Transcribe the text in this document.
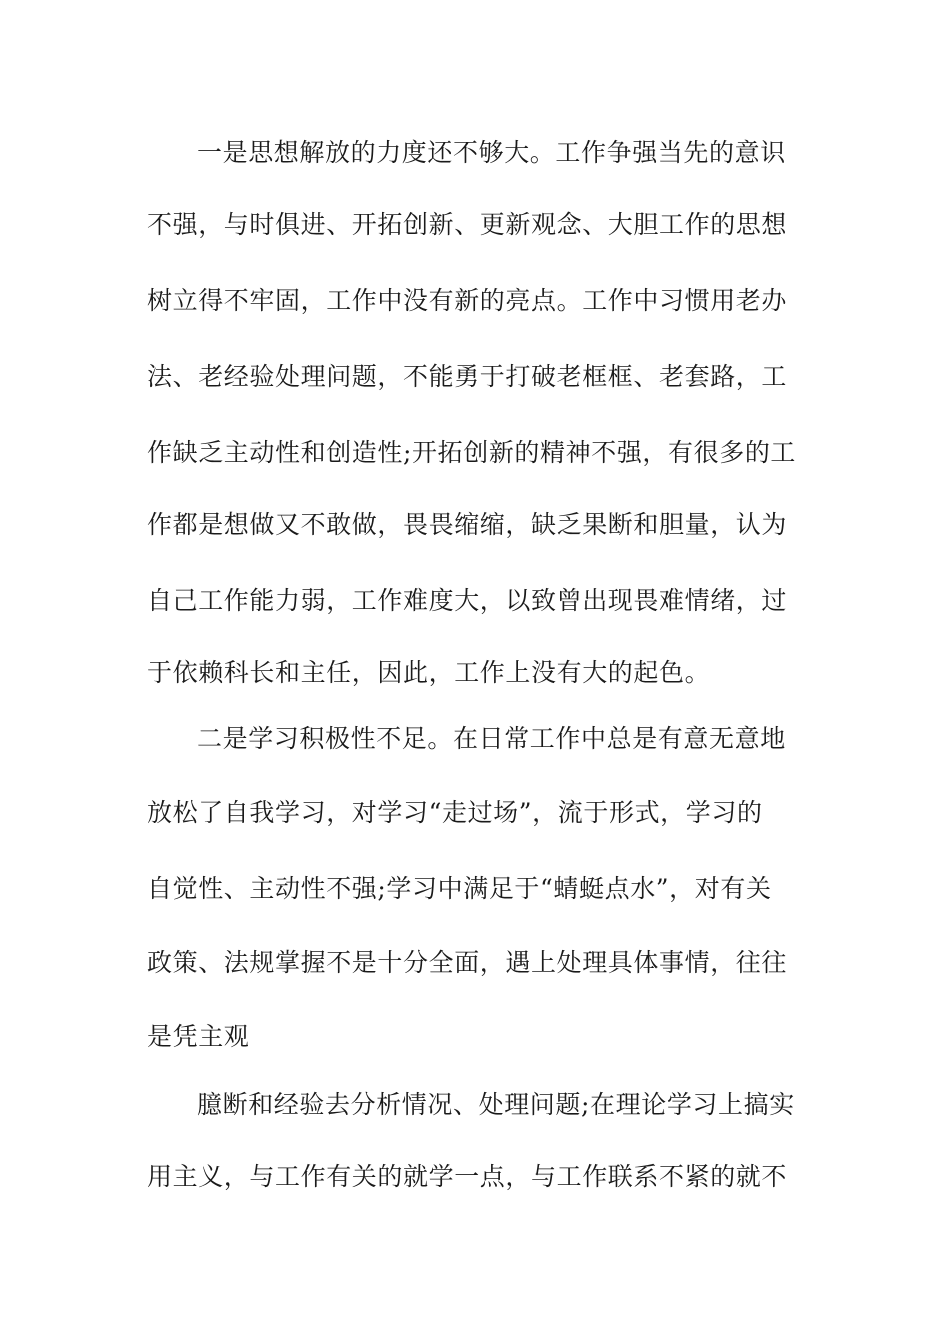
一是思想解放的力度还不够大。工作争强当先的意识
不强，与时俱进、开拓创新、更新观念、大胆工作的思想
树立得不牢固，工作中没有新的亮点。工作中习惯用老办
法、老经验处理问题，不能勇于打破老框框、老套路，工
作缺乏主动性和创造性;开拓创新的精神不强，有很多的工
作都是想做又不敢做，畏畏缩缩，缺乏果断和胆量，认为
自己工作能力弱，工作难度大，以致曾出现畏难情绪，过
于依赖科长和主任，因此，工作上没有大的起色。
二是学习积极性不足。在日常工作中总是有意无意地
放松了自我学习，对学习“走过场”，流于形式，学习的
自觉性、主动性不强;学习中满足于“蜻蜓点水”，对有关
政策、法规掌握不是十分全面，遇上处理具体事情，往往
是凭主观
臆断和经验去分析情况、处理问题;在理论学习上搞实
用主义，与工作有关的就学一点，与工作联系不紧的就不
